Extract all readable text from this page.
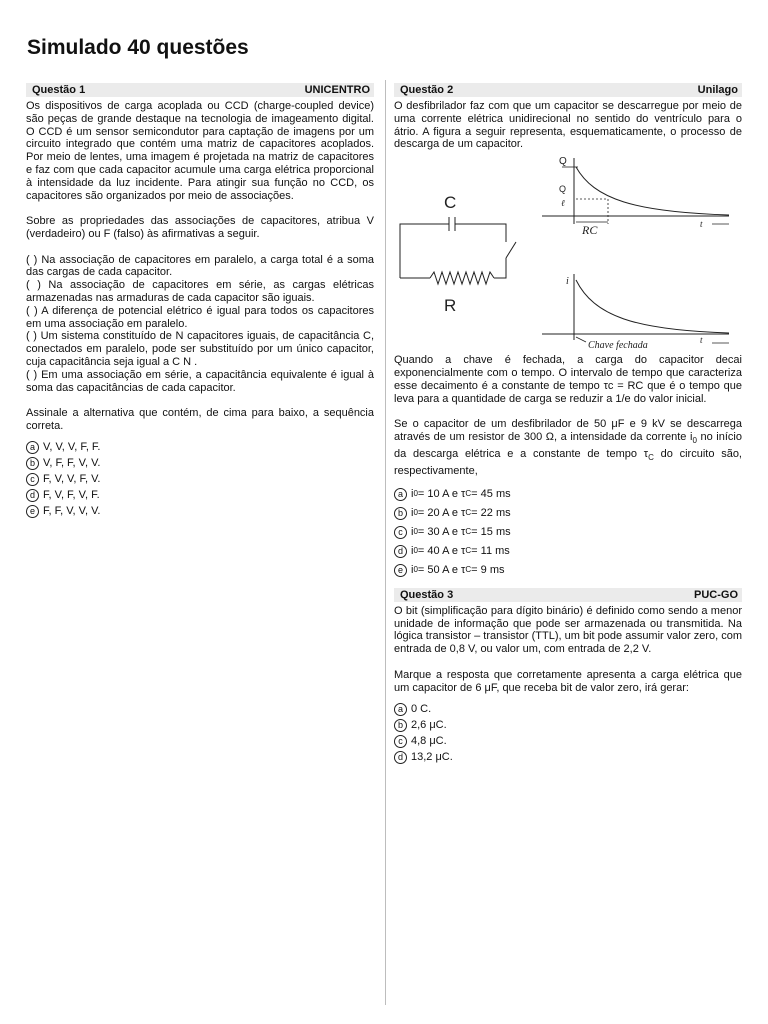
Simulado 40 questões
Questão 1	UNICENTRO

Os dispositivos de carga acoplada ou CCD (charge-coupled device) são peças de grande destaque na tecnologia de imageamento digital. O CCD é um sensor semicondutor para captação de imagens por um circuito integrado que contém uma matriz de capacitores acoplados. Por meio de lentes, uma imagem é projetada na matriz de capacitores e faz com que cada capacitor acumule uma carga elétrica proporcional à intensidade da luz incidente. Para atingir sua função no CCD, os capacitores são organizados por meio de associações.

Sobre as propriedades das associações de capacitores, atribua V (verdadeiro) ou F (falso) às afirmativas a seguir.

( ) Na associação de capacitores em paralelo, a carga total é a soma das cargas de cada capacitor.

( ) Na associação de capacitores em série, as cargas elétricas armazenadas nas armaduras de cada capacitor são iguais.

( ) A diferença de potencial elétrico é igual para todos os capacitores em uma associação em paralelo.

( ) Um sistema constituído de N capacitores iguais, de capacitância C, conectados em paralelo, pode ser substituído por um único capacitor, cuja capacitância seja igual a C N .

( ) Em uma associação em série, a capacitância equivalente é igual à soma das capacitâncias de cada capacitor.

Assinale a alternativa que contém, de cima para baixo, a sequência correta.

a V, V, V, F, F.
b V, F, F, V, V.
c F, V, V, F, V.
d F, V, F, V, F.
e F, F, V, V, V.
Questão 2	Unilago

O desfibrilador faz com que um capacitor se descarregue por meio de uma corrente elétrica unidirecional no sentido do ventrículo para o átrio. A figura a seguir representa, esquematicamente, o processo de descarga de um capacitor.

C
R
Q
Q
ℓ
RC	t
i
Chave fechada	t

Quando a chave é fechada, a carga do capacitor decai exponencialmente com o tempo. O intervalo de tempo que caracteriza esse decaimento é a constante de tempo τc = RC que é o tempo que leva para a quantidade de carga se reduzir a 1/e do valor inicial.

Se o capacitor de um desfibrilador de 50 μF e 9 kV se descarrega através de um resistor de 300 Ω, a intensidade da corrente $i_0$ no início da descarga elétrica e a constante de tempo $\tau_C$ do circuito são, respectivamente,

a i 0 = 10 A e τ C = 45 ms
b i 0 = 20 A e τ C = 22 ms
c i 0 = 30 A e τ C = 15 ms
d i 0 = 40 A e τ C = 11 ms
e i 0 = 50 A e τ C = 9 ms
Questão 3	PUC-GO

O bit (simplificação para dígito binário) é definido como sendo a menor unidade de informação que pode ser armazenada ou transmitida. Na lógica transistor – transistor (TTL), um bit pode assumir valor zero, com entrada de 0,8 V, ou valor um, com entrada de 2,2 V.

Marque a resposta que corretamente apresenta a carga elétrica que um capacitor de 6 μF, que receba bit de valor zero, irá gerar:

a 0 C.
b 2,6 μC.
c 4,8 μC.
d 13,2 μC.
